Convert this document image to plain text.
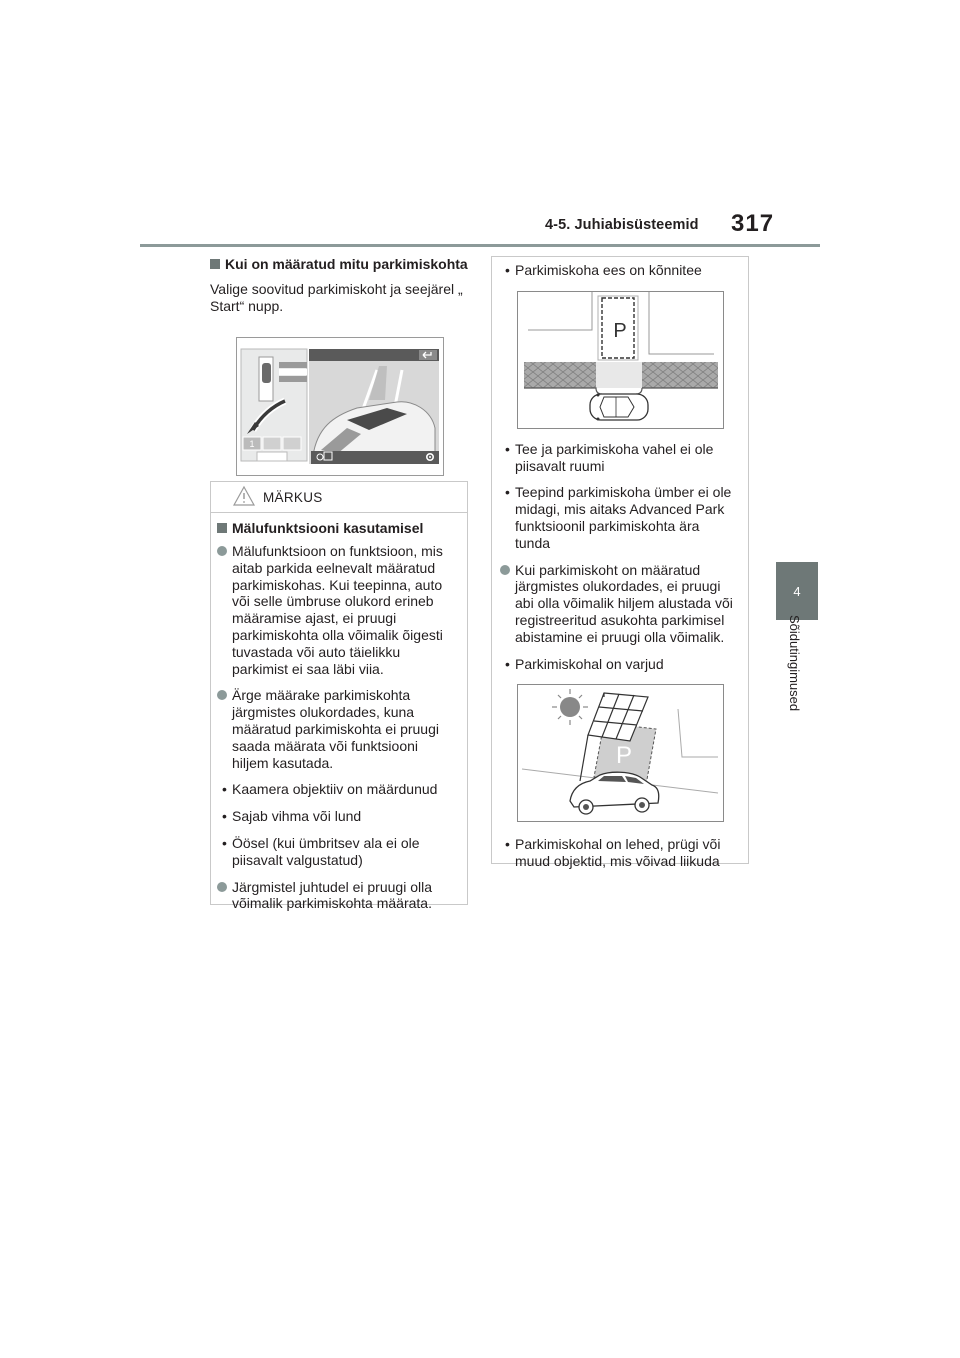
4-5. Juhiabisüsteemid 317
4
Sõidutingimused
Kui on määratud mitu parkimiskohta
Valige soovitud parkimiskoht ja seejärel „ Start“ nupp.
1
MÄRKUS
Mälufunktsiooni kasutamisel
Mälufunktsioon on funktsioon, mis aitab parkida eelnevalt määratud parkimiskohas. Kui teepinna, auto või selle ümbruse olukord erineb määramise ajast, ei pruugi parkimiskohta olla võimalik õigesti tuvastada või auto täielikku parkimist ei saa läbi viia.
Ärge määrake parkimiskohta järgmistes olukordades, kuna määratud parkimiskohta ei pruugi saada määrata või funktsiooni hiljem kasutada.
• Kaamera objektiiv on määrdunud
• Sajab vihma või lund
• Öösel (kui ümbritsev ala ei ole piisavalt valgustatud)
Järgmistel juhtudel ei pruugi olla võimalik parkimiskohta määrata.
• Parkimiskoha ees on kõnnitee
P
• Tee ja parkimiskoha vahel ei ole piisavalt ruumi
• Teepind parkimiskoha ümber ei ole midagi, mis aitaks Advanced Park funktsioonil parkimiskohta ära tunda
Kui parkimiskoht on määratud järgmistes olukordades, ei pruugi abi olla võimalik hiljem alustada või registreeritud asukohta parkimisel abistamine ei pruugi olla võimalik.
• Parkimiskohal on varjud
P
• Parkimiskohal on lehed, prügi või muud objektid, mis võivad liikuda
